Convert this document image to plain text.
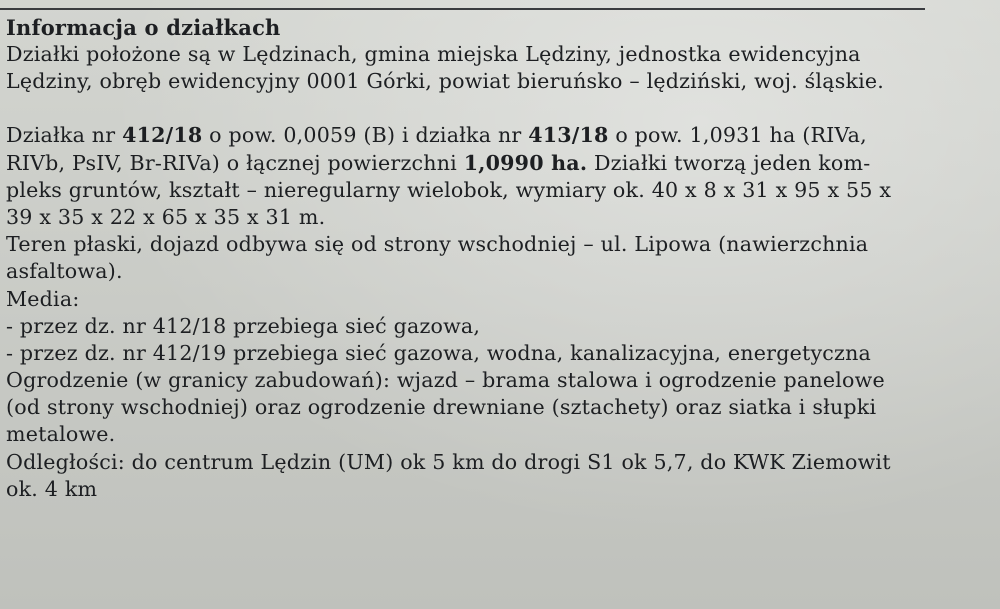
Informacja o działkach
Działki położone są w Lędzinach, gmina miejska Lędziny, jednostka ewidencyjna
Lędziny, obręb ewidencyjny 0001 Górki, powiat bieruńsko – lędziński, woj. śląskie.
Działka nr 412/18 o pow. 0,0059 (B) i działka nr 413/18 o pow. 1,0931 ha (RIVa,
RIVb, PsIV, Br-RIVa) o łącznej powierzchni 1,0990 ha. Działki tworzą jeden kom-
pleks gruntów, kształt – nieregularny wielobok, wymiary ok. 40 x 8 x 31 x 95 x 55 x
39 x 35 x 22 x 65 x 35 x 31 m.
Teren płaski, dojazd odbywa się od strony wschodniej – ul. Lipowa (nawierzchnia
asfaltowa).
Media:
- przez dz. nr 412/18 przebiega sieć gazowa,
- przez dz. nr 412/19 przebiega sieć gazowa, wodna, kanalizacyjna, energetyczna
Ogrodzenie (w granicy zabudowań): wjazd – brama stalowa i ogrodzenie panelowe
(od strony wschodniej) oraz ogrodzenie drewniane (sztachety) oraz siatka i słupki
metalowe.
Odległości: do centrum Lędzin (UM) ok 5 km do drogi S1 ok 5,7, do KWK Ziemowit
ok. 4 km
